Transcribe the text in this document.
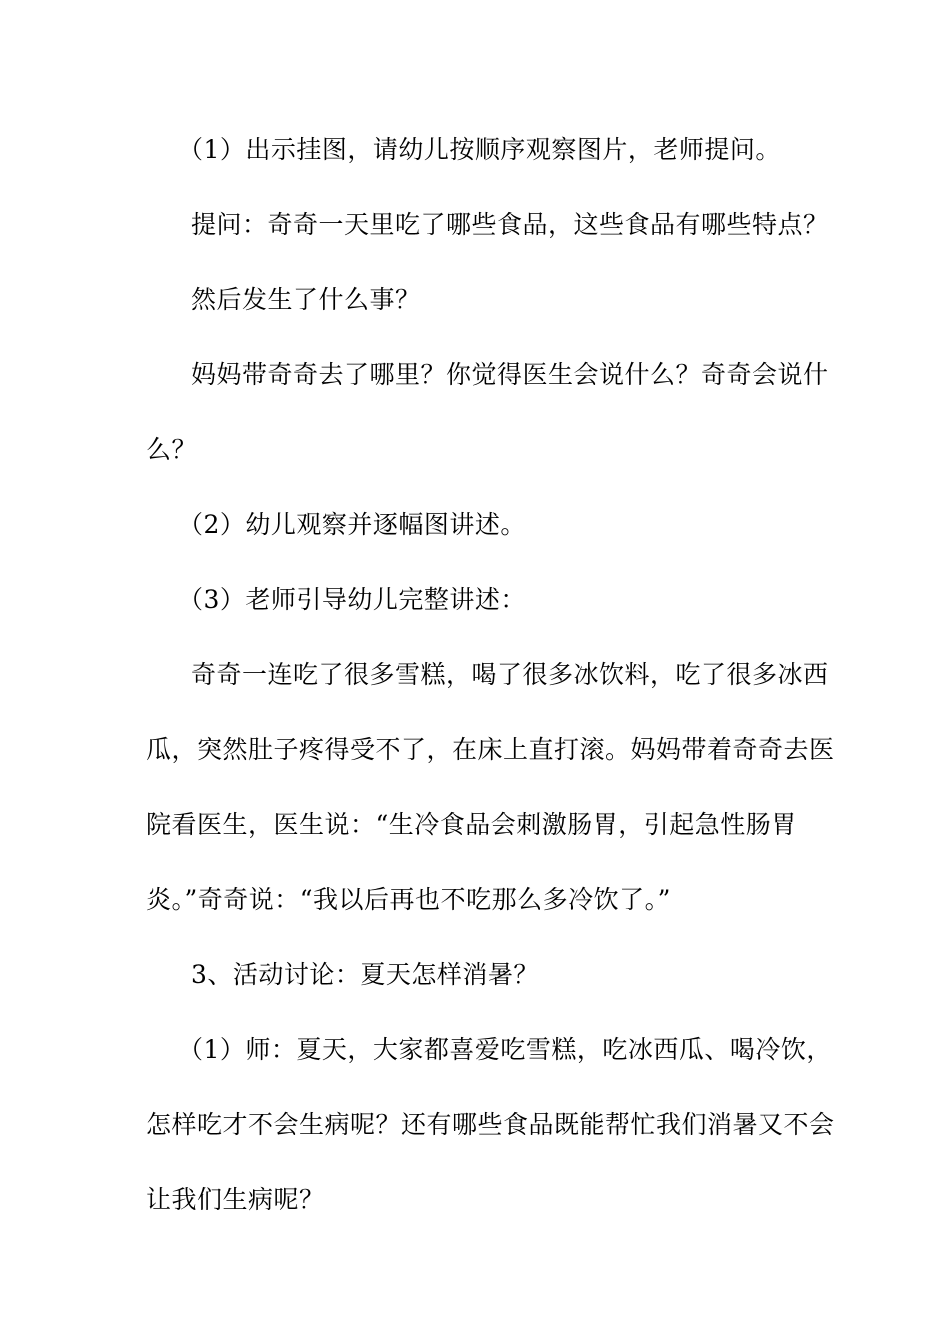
（1）出示挂图，请幼儿按顺序观察图片，老师提问。
提问：奇奇一天里吃了哪些食品，这些食品有哪些特点？
然后发生了什么事？
妈妈带奇奇去了哪里？你觉得医生会说什么？奇奇会说什
么？
（2）幼儿观察并逐幅图讲述。
（3）老师引导幼儿完整讲述：
奇奇一连吃了很多雪糕，喝了很多冰饮料，吃了很多冰西
瓜，突然肚子疼得受不了，在床上直打滚。妈妈带着奇奇去医
院看医生，医生说：“生冷食品会刺激肠胃，引起急性肠胃
炎。”奇奇说：“我以后再也不吃那么多冷饮了。”
3、活动讨论：夏天怎样消暑？
（1）师：夏天，大家都喜爱吃雪糕，吃冰西瓜、喝冷饮，
怎样吃才不会生病呢？还有哪些食品既能帮忙我们消暑又不会
让我们生病呢？
